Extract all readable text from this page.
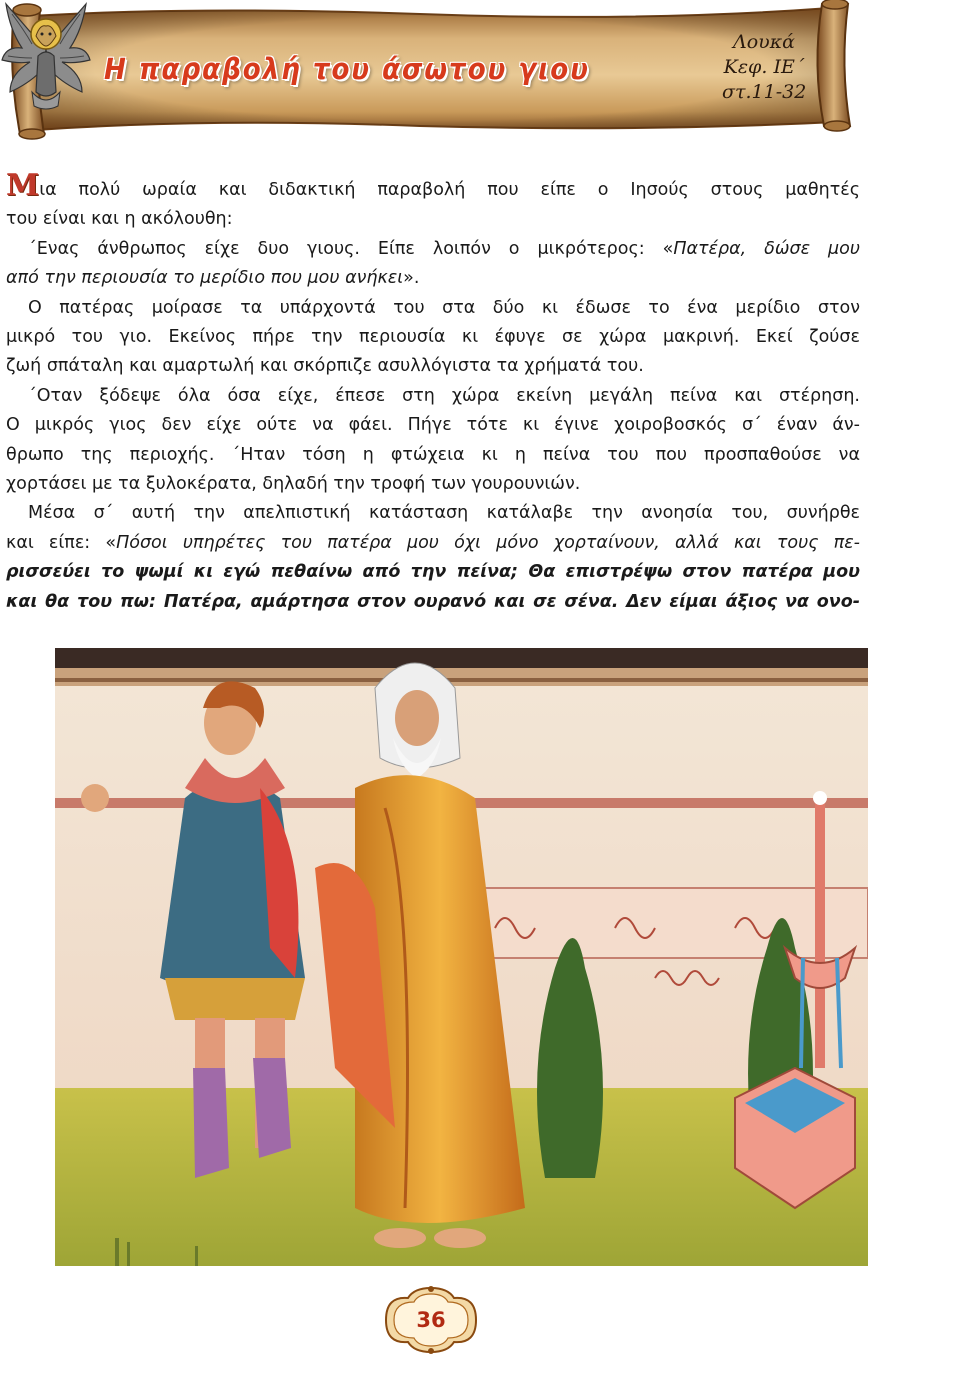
Η παραβολή του άσωτου γιου
Λουκά
Κεφ. ΙΕ΄
στ.11-32
Μια πολύ ωραία και διδακτική παραβολή που είπε ο Ιησούς στους μαθητές
του είναι και η ακόλουθη:
΄Ενας άνθρωπος είχε δυο γιους. Είπε λοιπόν ο μικρότερος: «Πατέρα, δώσε μου
από την περιουσία το μερίδιο που μου ανήκει».
Ο πατέρας μοίρασε τα υπάρχοντά του στα δύο κι έδωσε το ένα μερίδιο στον
μικρό του γιο. Εκείνος πήρε την περιουσία κι έφυγε σε χώρα μακρινή. Εκεί ζούσε
ζωή σπάταλη και αμαρτωλή και σκόρπιζε ασυλλόγιστα τα χρήματά του.
΄Οταν ξόδεψε όλα όσα είχε, έπεσε στη χώρα εκείνη μεγάλη πείνα και στέρηση.
Ο μικρός γιος δεν είχε ούτε να φάει. Πήγε τότε κι έγινε χοιροβοσκός σ΄ έναν άν-
θρωπο της περιοχής. ΄Ηταν τόση η φτώχεια κι η πείνα του που προσπαθούσε να
χορτάσει με τα ξυλοκέρατα, δηλαδή την τροφή των γουρουνιών.
Μέσα σ΄ αυτή την απελπιστική κατάσταση κατάλαβε την ανοησία του, συνήρθε
και είπε: «Πόσοι υπηρέτες του πατέρα μου όχι μόνο χορταίνουν, αλλά και τους πε-
ρισσεύει το ψωμί κι εγώ πεθαίνω από την πείνα; Θα επιστρέψω στον πατέρα μου
και θα του πω: Πατέρα, αμάρτησα στον ουρανό και σε σένα. Δεν είμαι άξιος να ονο-
36
